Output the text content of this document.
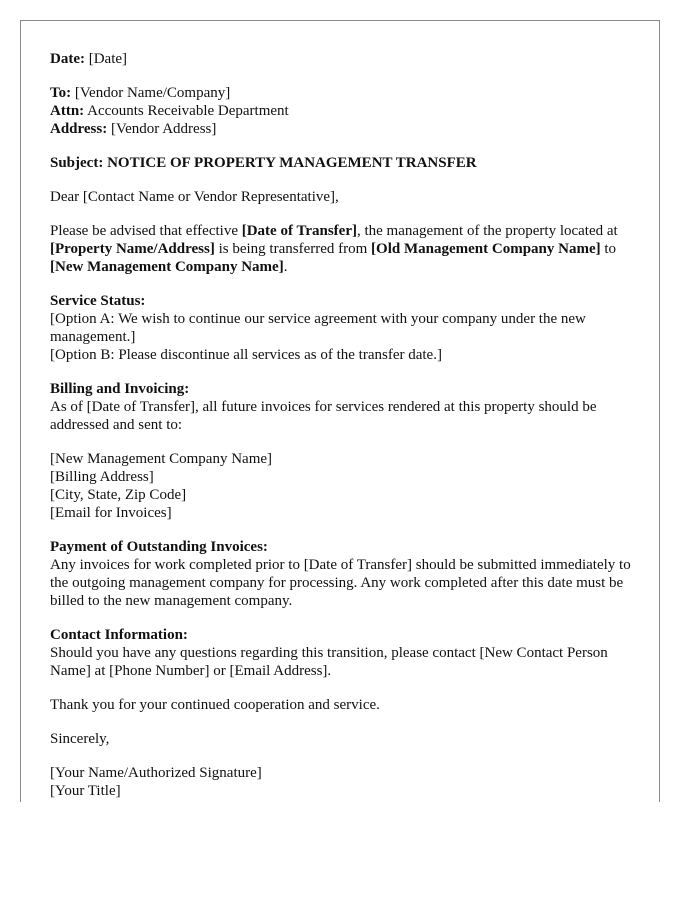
Date: [Date]
To: [Vendor Name/Company]
Attn: Accounts Receivable Department
Address: [Vendor Address]
Subject: NOTICE OF PROPERTY MANAGEMENT TRANSFER
Dear [Contact Name or Vendor Representative],
Please be advised that effective [Date of Transfer], the management of the property located at [Property Name/Address] is being transferred from [Old Management Company Name] to [New Management Company Name].
Service Status:
[Option A: We wish to continue our service agreement with your company under the new management.]
[Option B: Please discontinue all services as of the transfer date.]
Billing and Invoicing:
As of [Date of Transfer], all future invoices for services rendered at this property should be addressed and sent to:
[New Management Company Name]
[Billing Address]
[City, State, Zip Code]
[Email for Invoices]
Payment of Outstanding Invoices:
Any invoices for work completed prior to [Date of Transfer] should be submitted immediately to the outgoing management company for processing. Any work completed after this date must be billed to the new management company.
Contact Information:
Should you have any questions regarding this transition, please contact [New Contact Person Name] at [Phone Number] or [Email Address].
Thank you for your continued cooperation and service.
Sincerely,
[Your Name/Authorized Signature]
[Your Title]
